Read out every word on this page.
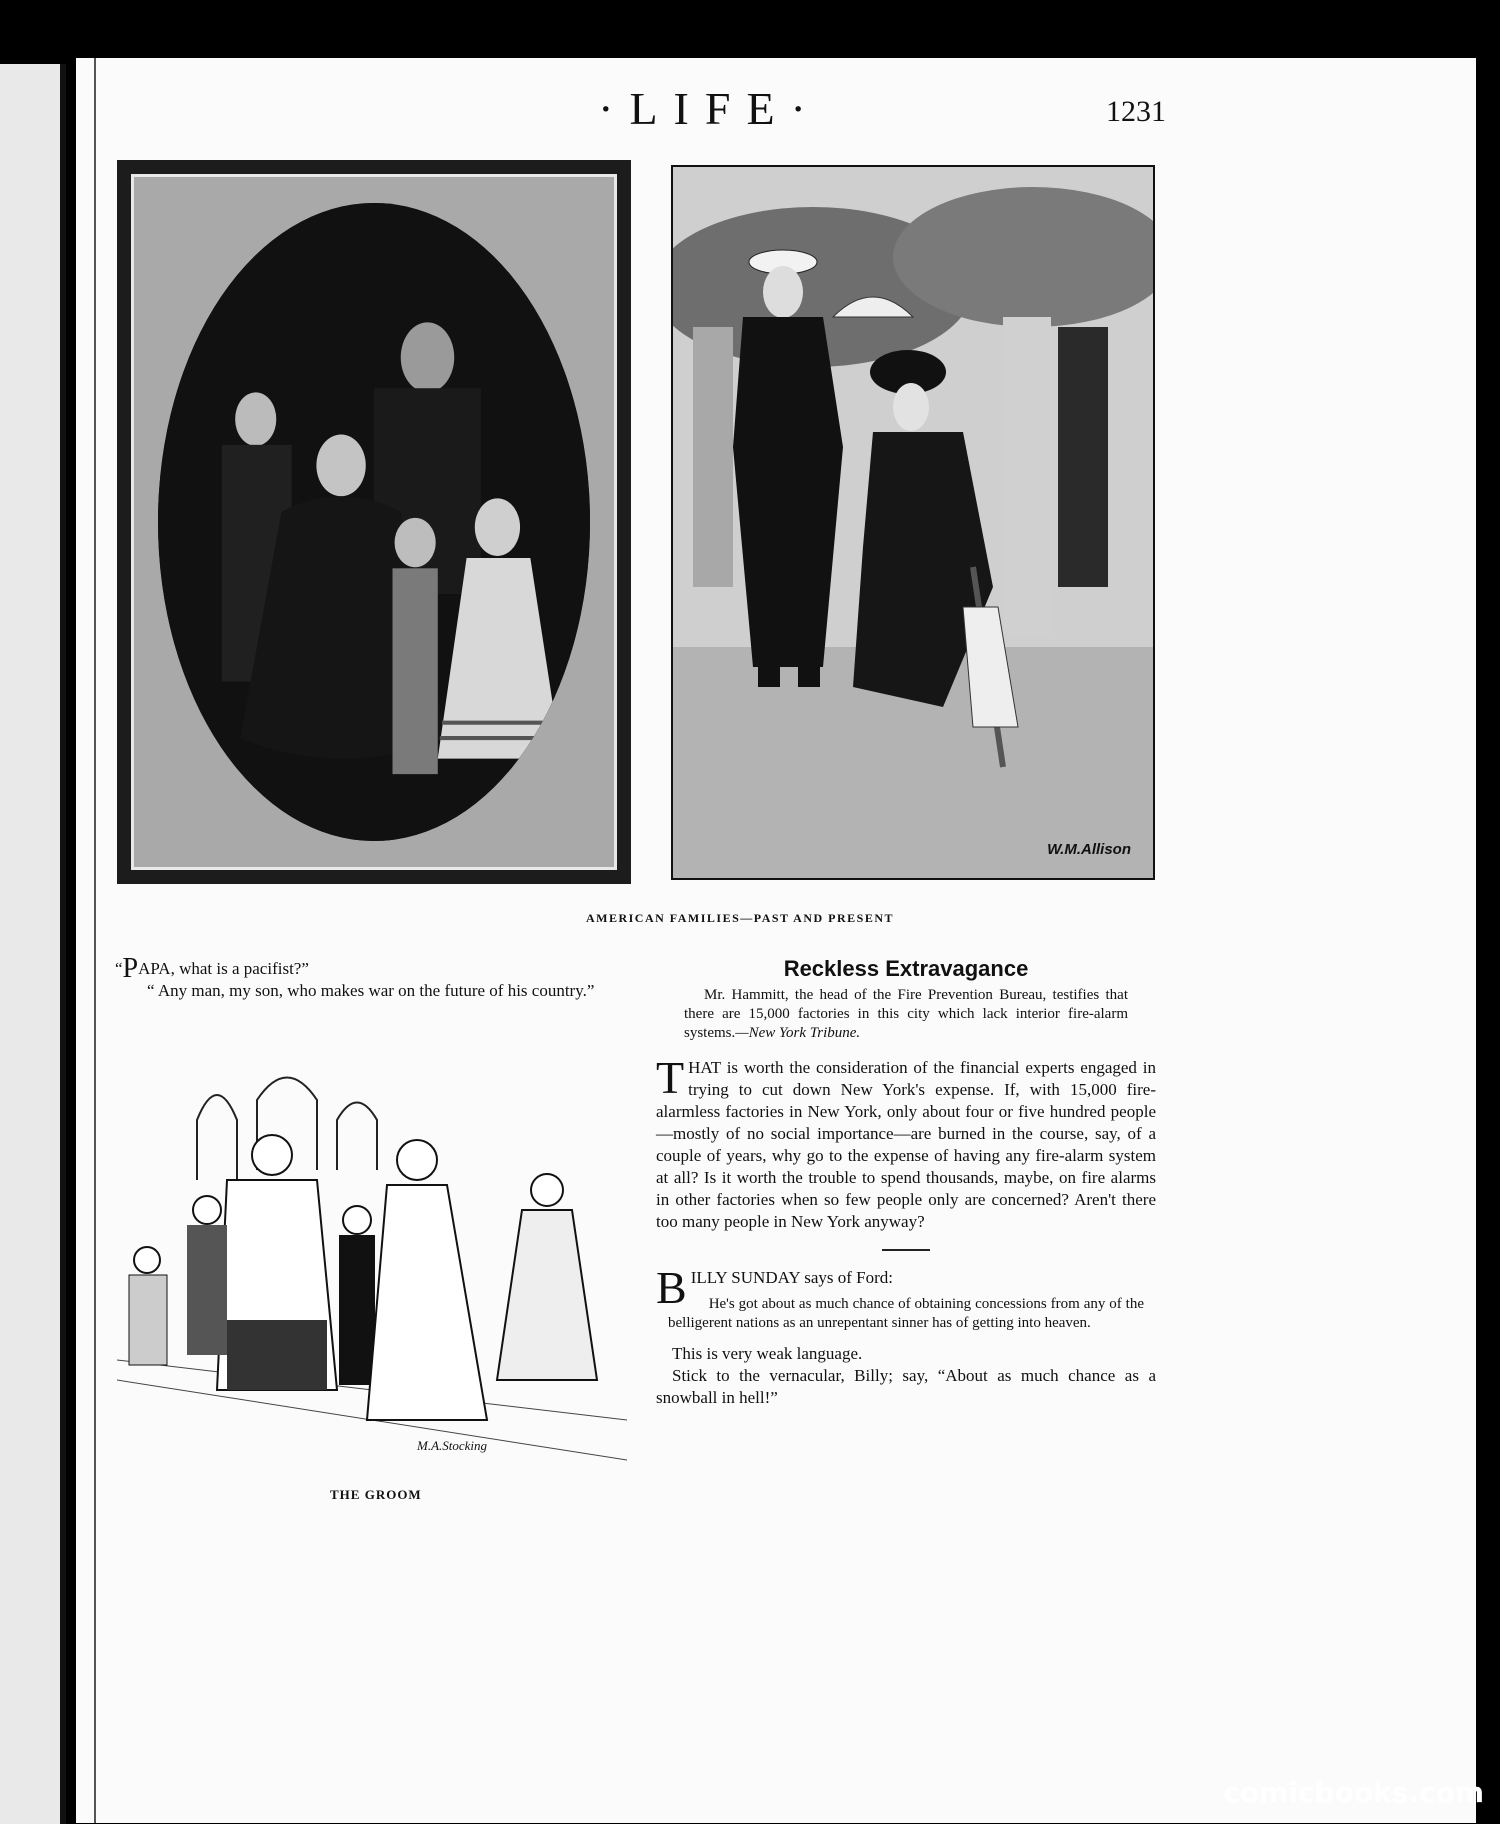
·LIFE·	1231
W.M.Allison
AMERICAN FAMILIES—PAST AND PRESENT

“PAPA, what is a pacifist?”

“ Any man, my son, who makes war on the future of his country.”

M.A.Stocking
THE GROOM
Reckless Extravagance
Mr. Hammitt, the head of the Fire Prevention Bureau, testifies that there are 15,000 factories in this city which lack interior fire-alarm systems.—New York Tribune.

THAT is worth the consideration of the financial experts engaged in trying to cut down New York's expense. If, with 15,000 fire-alarmless factories in New York, only about four or five hundred people—mostly of no social importance—are burned in the course, say, of a couple of years, why go to the expense of having any fire-alarm system at all? Is it worth the trouble to spend thousands, maybe, on fire alarms in other factories when so few people only are concerned? Aren't there too many people in New York anyway?

BILLY SUNDAY says of Ford:

He's got about as much chance of obtaining concessions from any of the belligerent nations as an unrepentant sinner has of getting into heaven.

This is very weak language.

Stick to the vernacular, Billy; say, “About as much chance as a snowball in hell!”

comicbooks.com
